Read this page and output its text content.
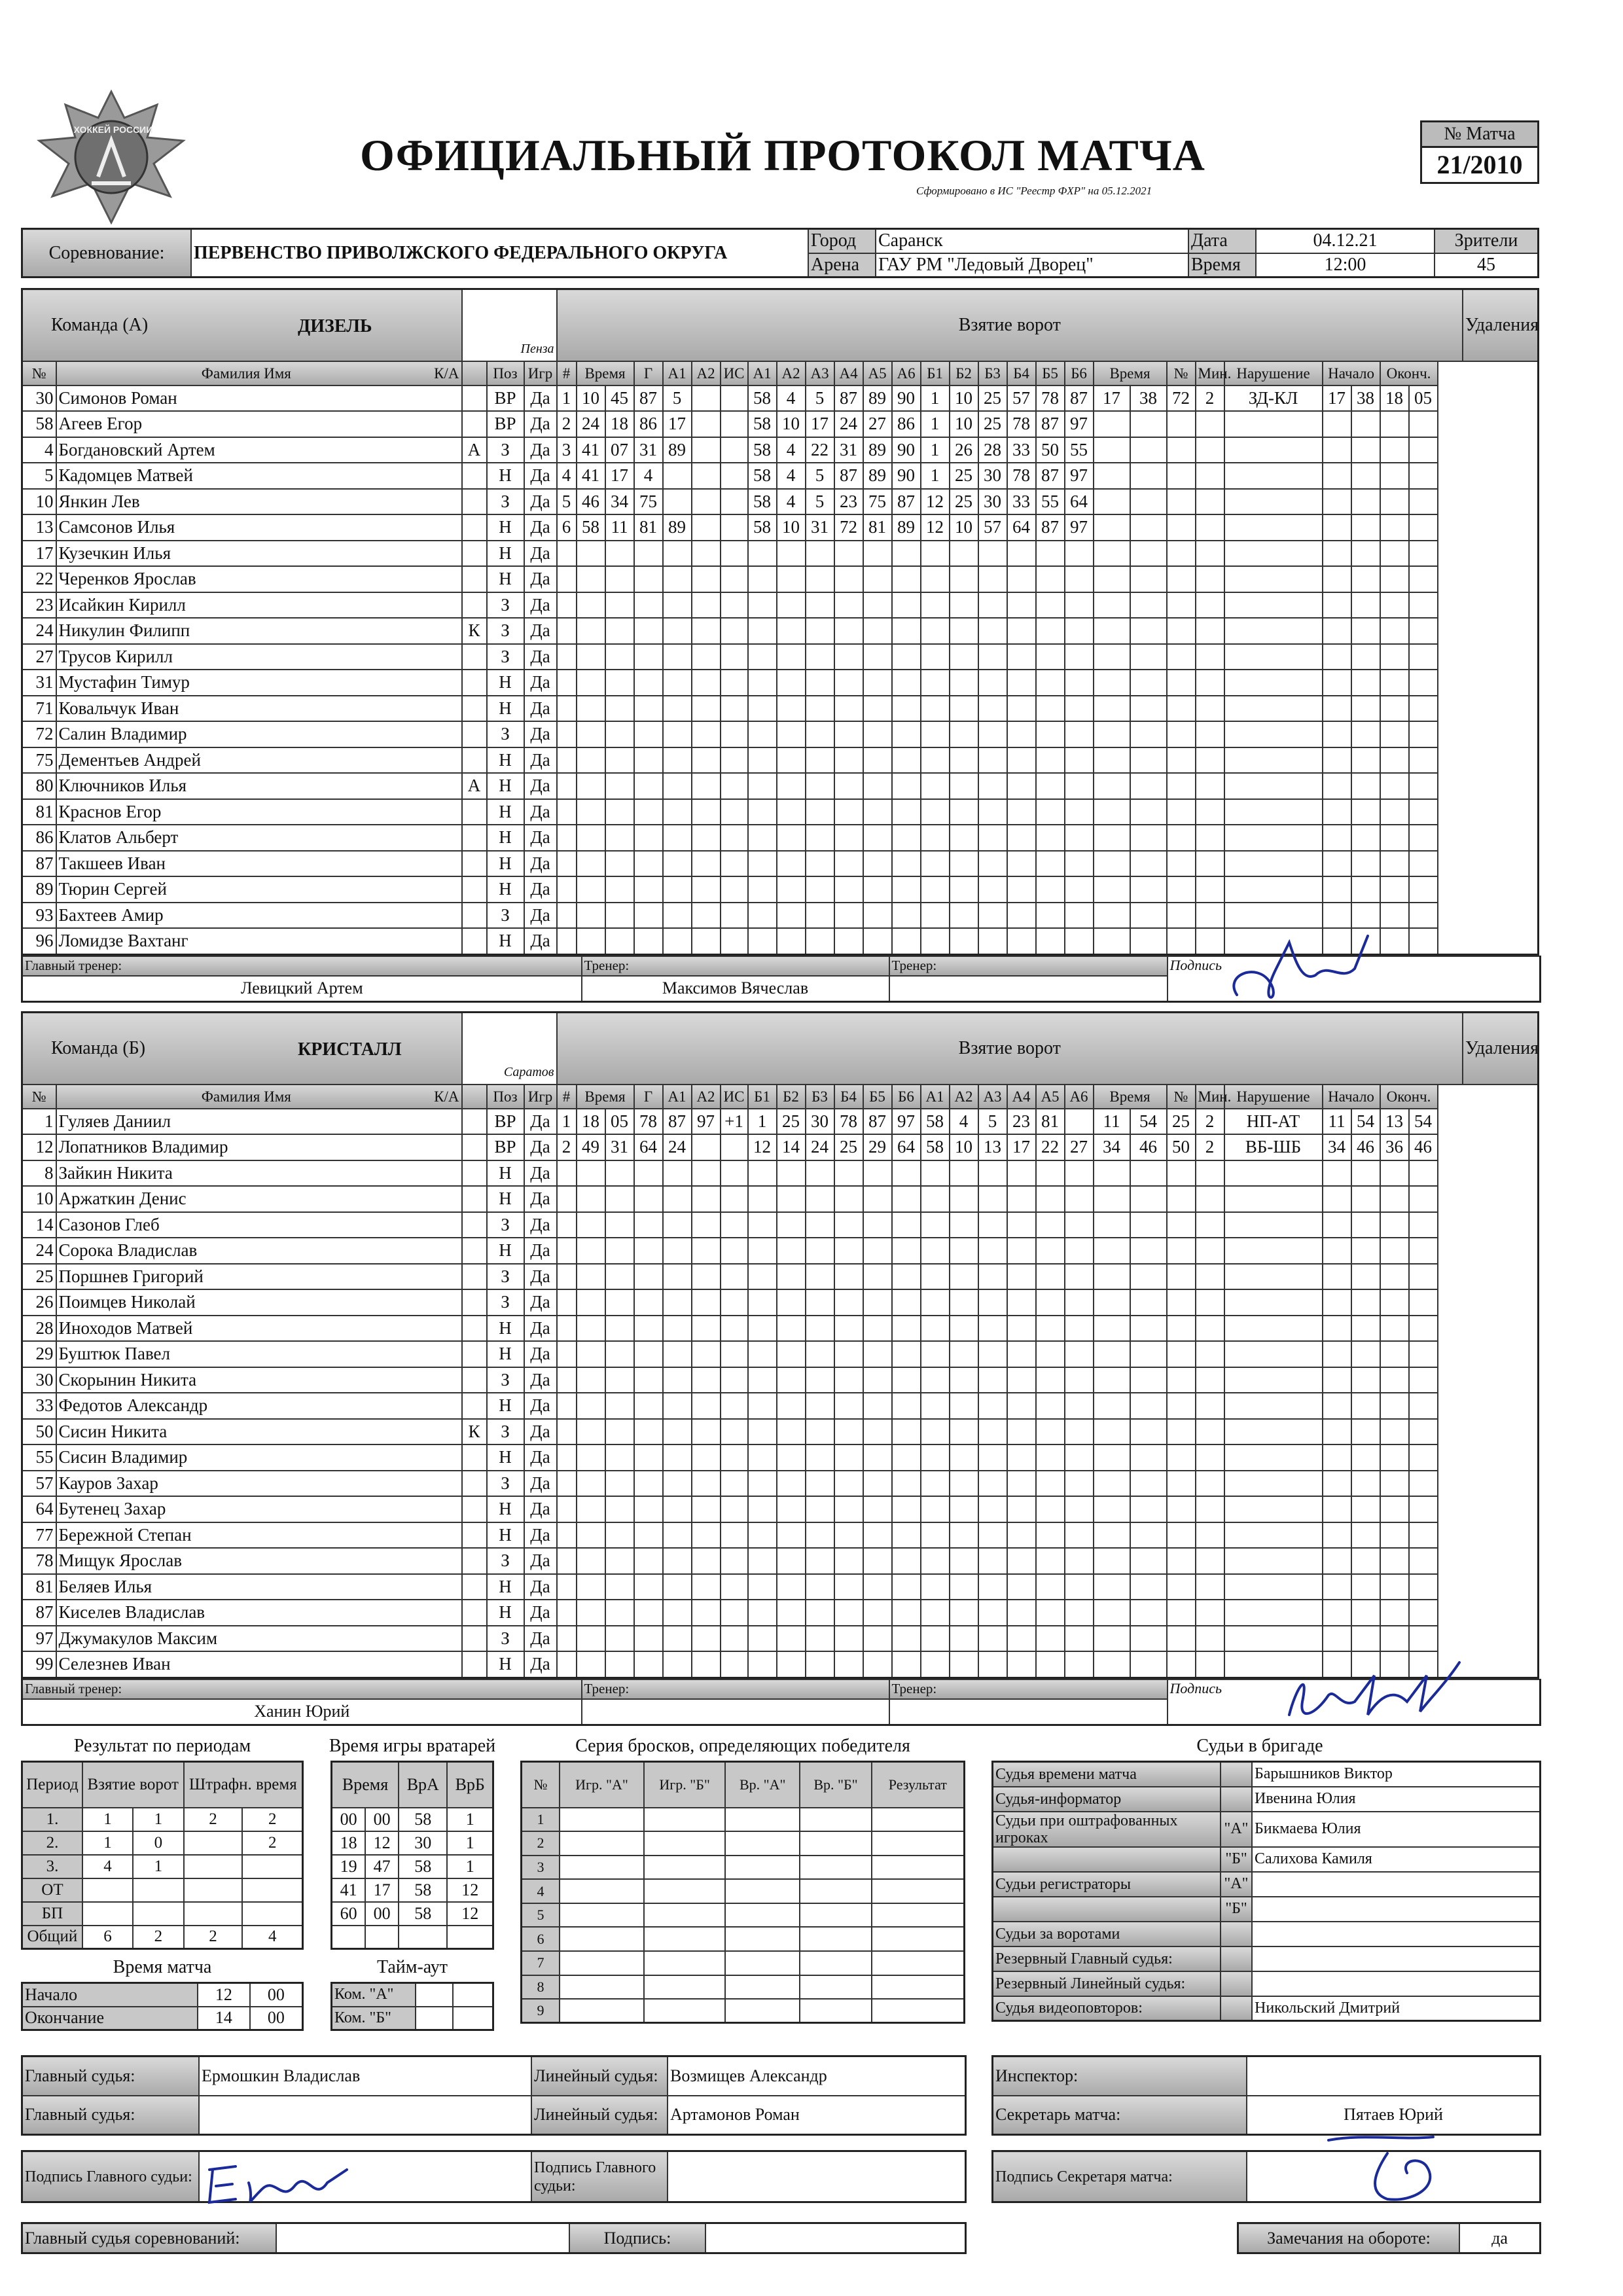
ХОККЕЙ РОССИИ
ОФИЦИАЛЬНЫЙ ПРОТОКОЛ МАТЧА
Сформировано в ИС "Реестр ФХР" на 05.12.2021
№ Матча
21/2010
Соревнование:	ПЕРВЕНСТВО ПРИВОЛЖСКОГО ФЕДЕРАЛЬНОГО ОКРУГА	Город	Саранск	Дата	04.12.21	Зрители
		Арена	ГАУ РМ "Ледовый Дворец"	Время	12:00	45
Команда (А) ДИЗЕЛЬ		Пенза			Взятие ворот																												Удаления
№	Фамилия Имя К/А		Поз	Игр	#	Время		Г	А1	А2	ИС	А1	А2	А3	А4	А5	А6	Б1	Б2	Б3	Б4	Б5	Б6	Время		№	Мин.	Нарушение	Начало		Оконч.		
30	Симонов Роман		ВР	Да	1	10	45	87	5			58	4	5	87	89	90	1	10	25	57	78	87	17	38	72	2	ЗД-КЛ	17	38	18	05	
58	Агеев Егор		ВР	Да	2	24	18	86	17			58	10	17	24	27	86	1	10	25	78	87	97										
4	Богдановский Артем	А	З	Да	3	41	07	31	89			58	4	22	31	89	90	1	26	28	33	50	55										
5	Кадомцев Матвей		Н	Да	4	41	17	4				58	4	5	87	89	90	1	25	30	78	87	97										
10	Янкин Лев		З	Да	5	46	34	75				58	4	5	23	75	87	12	25	30	33	55	64										
13	Самсонов Илья		Н	Да	6	58	11	81	89			58	10	31	72	81	89	12	10	57	64	87	97										
17	Кузечкин Илья		Н	Да																													
22	Черенков Ярослав		Н	Да																													
23	Исайкин Кирилл		З	Да																													
24	Никулин Филипп	К	З	Да																													
27	Трусов Кирилл		З	Да																													
31	Мустафин Тимур		Н	Да																													
71	Ковальчук Иван		Н	Да																													
72	Салин Владимир		З	Да																													
75	Дементьев Андрей		Н	Да																													
80	Ключников Илья	А	Н	Да																													
81	Краснов Егор		Н	Да																													
86	Клатов Альберт		Н	Да																													
87	Такшеев Иван		Н	Да																													
89	Тюрин Сергей		Н	Да																													
93	Бахтеев Амир		З	Да																													
96	Ломидзе Вахтанг		Н	Да																													
Главный тренер:	Тренер:	Тренер:	Подпись
Левицкий Артем	Максимов Вячеслав		
Команда (Б) КРИСТАЛЛ		Саратов			Взятие ворот																												Удаления
№	Фамилия Имя К/А		Поз	Игр	#	Время		Г	А1	А2	ИС	Б1	Б2	Б3	Б4	Б5	Б6	А1	А2	А3	А4	А5	А6	Время		№	Мин.	Нарушение	Начало		Оконч.		
1	Гуляев Даниил		ВР	Да	1	18	05	78	87	97	+1	1	25	30	78	87	97	58	4	5	23	81		11	54	25	2	НП-АТ	11	54	13	54	
12	Лопатников Владимир		ВР	Да	2	49	31	64	24			12	14	24	25	29	64	58	10	13	17	22	27	34	46	50	2	ВБ-ШБ	34	46	36	46	
8	Зайкин Никита		Н	Да																													
10	Аржаткин Денис		Н	Да																													
14	Сазонов Глеб		З	Да																													
24	Сорока Владислав		Н	Да																													
25	Поршнев Григорий		З	Да																													
26	Поимцев Николай		З	Да																													
28	Иноходов Матвей		Н	Да																													
29	Буштюк Павел		Н	Да																													
30	Скорынин Никита		З	Да																													
33	Федотов Александр		Н	Да																													
50	Сисин Никита	К	З	Да																													
55	Сисин Владимир		Н	Да																													
57	Кауров Захар		З	Да																													
64	Бутенец Захар		Н	Да																													
77	Бережной Степан		Н	Да																													
78	Мищук Ярослав		З	Да																													
81	Беляев Илья		Н	Да																													
87	Киселев Владислав		Н	Да																													
97	Джумакулов Максим		З	Да																													
99	Селезнев Иван		Н	Да																													
Главный тренер:	Тренер:	Тренер:	Подпись
Ханин Юрий			
Результат по периодам
Период	Взятие ворот		Штрафн. время	
1.	1	1	2	2
2.	1	0		2
3.	4	1		
ОТ				
БП				
Общий	6	2	2	4
Время игры вратарей
Время		ВрА	ВрБ
00	00	58	1
18	12	30	1
19	47	58	1
41	17	58	12
60	00	58	12

Серия бросков, определяющих победителя
№	Игр. "А"	Игр. "Б"	Вр. "А"	Вр. "Б"	Результат
1					
2					
3					
4					
5					
6					
7					
8					
9					
Время матча
Начало	12	00
Окончание	14	00
Тайм-аут
Ком. "А"		
Ком. "Б"		
Судьи в бригаде
Судья времени матча		Барышников Виктор
Судья-информатор		Ивенина Юлия
Судьи при оштрафованных игроках	"А"	Бикмаева Юлия
	"Б"	Салихова Камиля
Судьи регистраторы	"А"	
	"Б"	
Судьи за воротами		
Резервный Главный судья:		
Резервный Линейный судья:		
Судья видеоповторов:		Никольский Дмитрий
Главный судья:	Ермошкин Владислав	Линейный судья:	Возмищев Александр
Главный судья:		Линейный судья:	Артамонов Роман
Инспектор:	
Секретарь матча:	Пятаев Юрий
Подпись Главного судьи:		Подпись Главного судьи:	
Подпись Секретаря матча:	
Главный судья соревнований:		Подпись:		Замечания на обороте:	да
